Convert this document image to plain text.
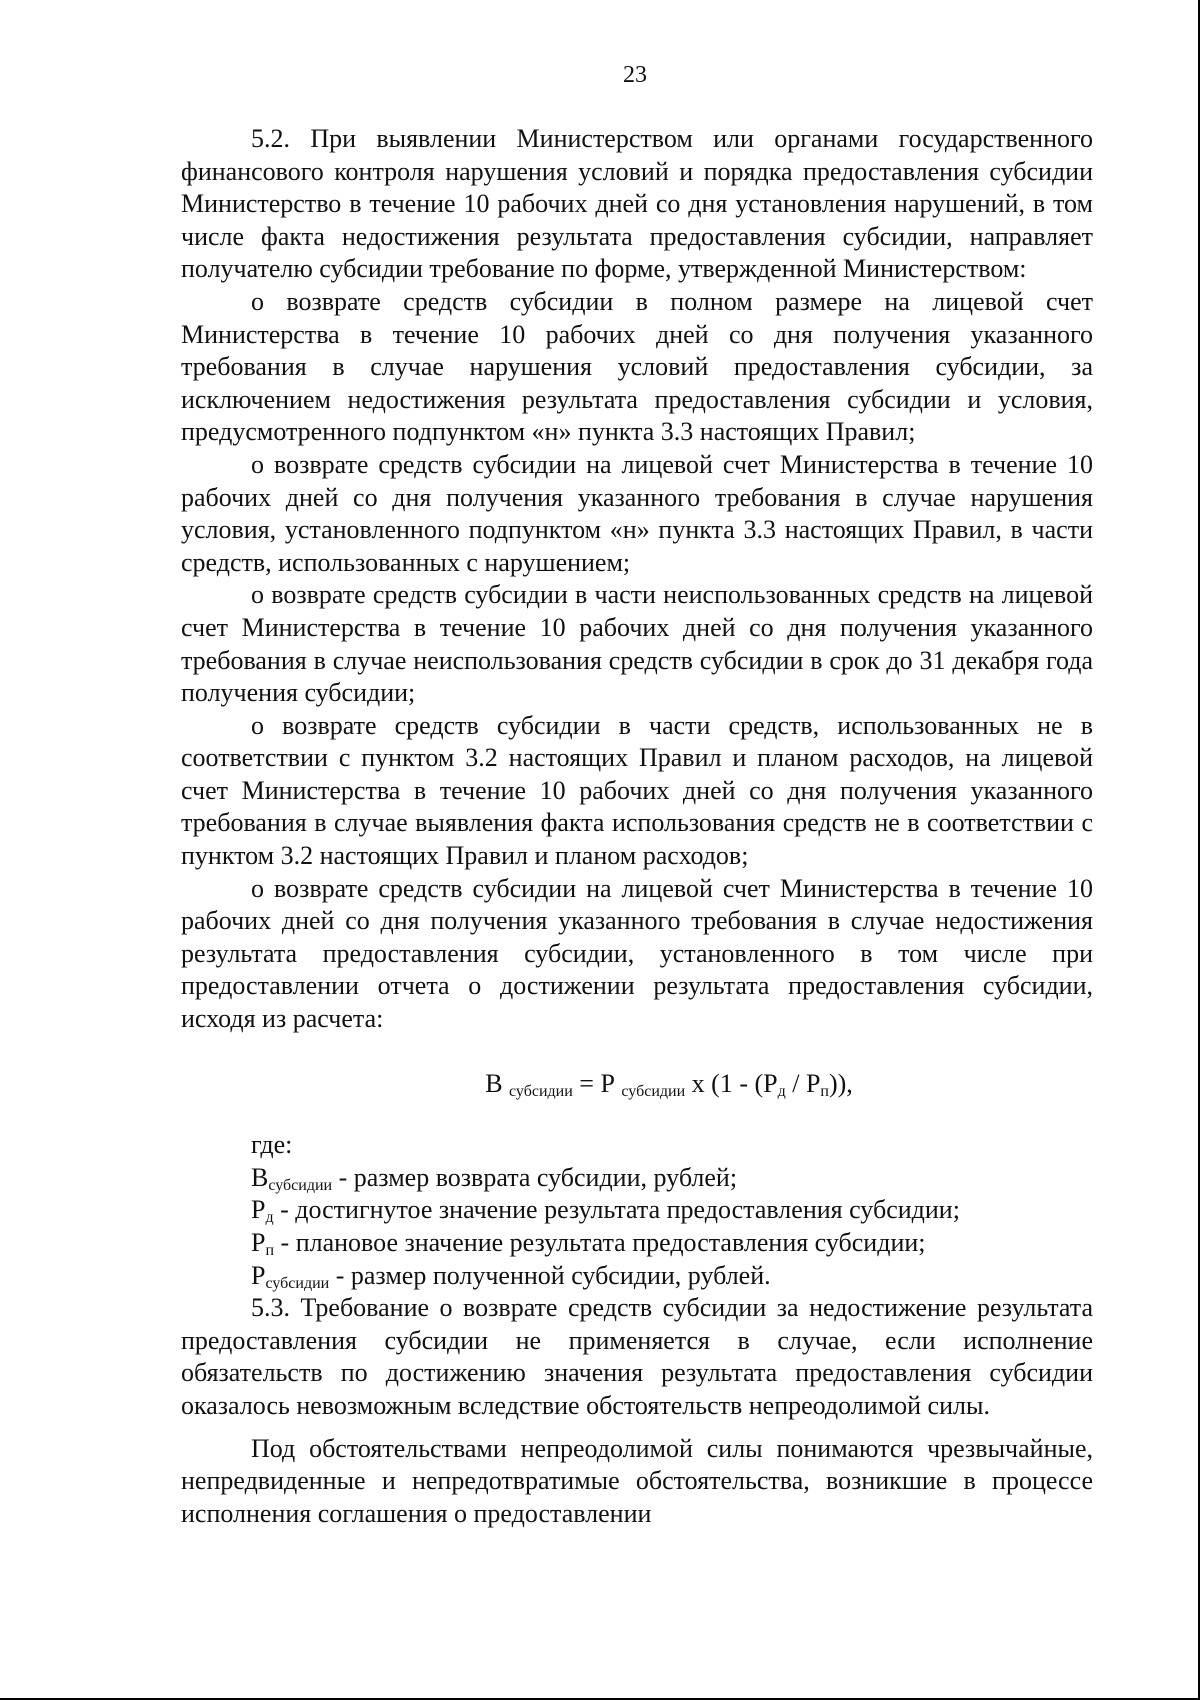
23

5.2. При выявлении Министерством или органами государственного финансового контроля нарушения условий и порядка предоставления субсидии Министерство в течение 10 рабочих дней со дня установления нарушений, в том числе факта недостижения результата предоставления субсидии, направляет получателю субсидии требование по форме, утвержденной Министерством:

о возврате средств субсидии в полном размере на лицевой счет Министерства в течение 10 рабочих дней со дня получения указанного требования в случае нарушения условий предоставления субсидии, за исключением недостижения результата предоставления субсидии и условия, предусмотренного подпунктом «н» пункта 3.3 настоящих Правил;

о возврате средств субсидии на лицевой счет Министерства в течение 10 рабочих дней со дня получения указанного требования в случае нарушения условия, установленного подпунктом «н» пункта 3.3 настоящих Правил, в части средств, использованных с нарушением;

о возврате средств субсидии в части неиспользованных средств на лицевой счет Министерства в течение 10 рабочих дней со дня получения указанного требования в случае неиспользования средств субсидии в срок до 31 декабря года получения субсидии;

о возврате средств субсидии в части средств, использованных не в соответствии с пунктом 3.2 настоящих Правил и планом расходов, на лицевой счет Министерства в течение 10 рабочих дней со дня получения указанного требования в случае выявления факта использования средств не в соответствии с пунктом 3.2 настоящих Правил и планом расходов;

о возврате средств субсидии на лицевой счет Министерства в течение 10 рабочих дней со дня получения указанного требования в случае недостижения результата предоставления субсидии, установленного в том числе при предоставлении отчета о достижении результата предоставления субсидии, исходя из расчета:

В $_{субсидии}$ = Р $_{субсидии}$ х $(1 - (Р_д / Р_п))$,

где:

$В_{субсидии}$ - размер возврата субсидии, рублей;

$Р_д$ - достигнутое значение результата предоставления субсидии;

$Р_п$ - плановое значение результата предоставления субсидии;

$Р_{субсидии}$ - размер полученной субсидии, рублей.

5.3. Требование о возврате средств субсидии за недостижение результата предоставления субсидии не применяется в случае, если исполнение обязательств по достижению значения результата предоставления субсидии оказалось невозможным вследствие обстоятельств непреодолимой силы.

Под обстоятельствами непреодолимой силы понимаются чрезвычайные, непредвиденные и непредотвратимые обстоятельства, возникшие в процессе исполнения соглашения о предоставлении
